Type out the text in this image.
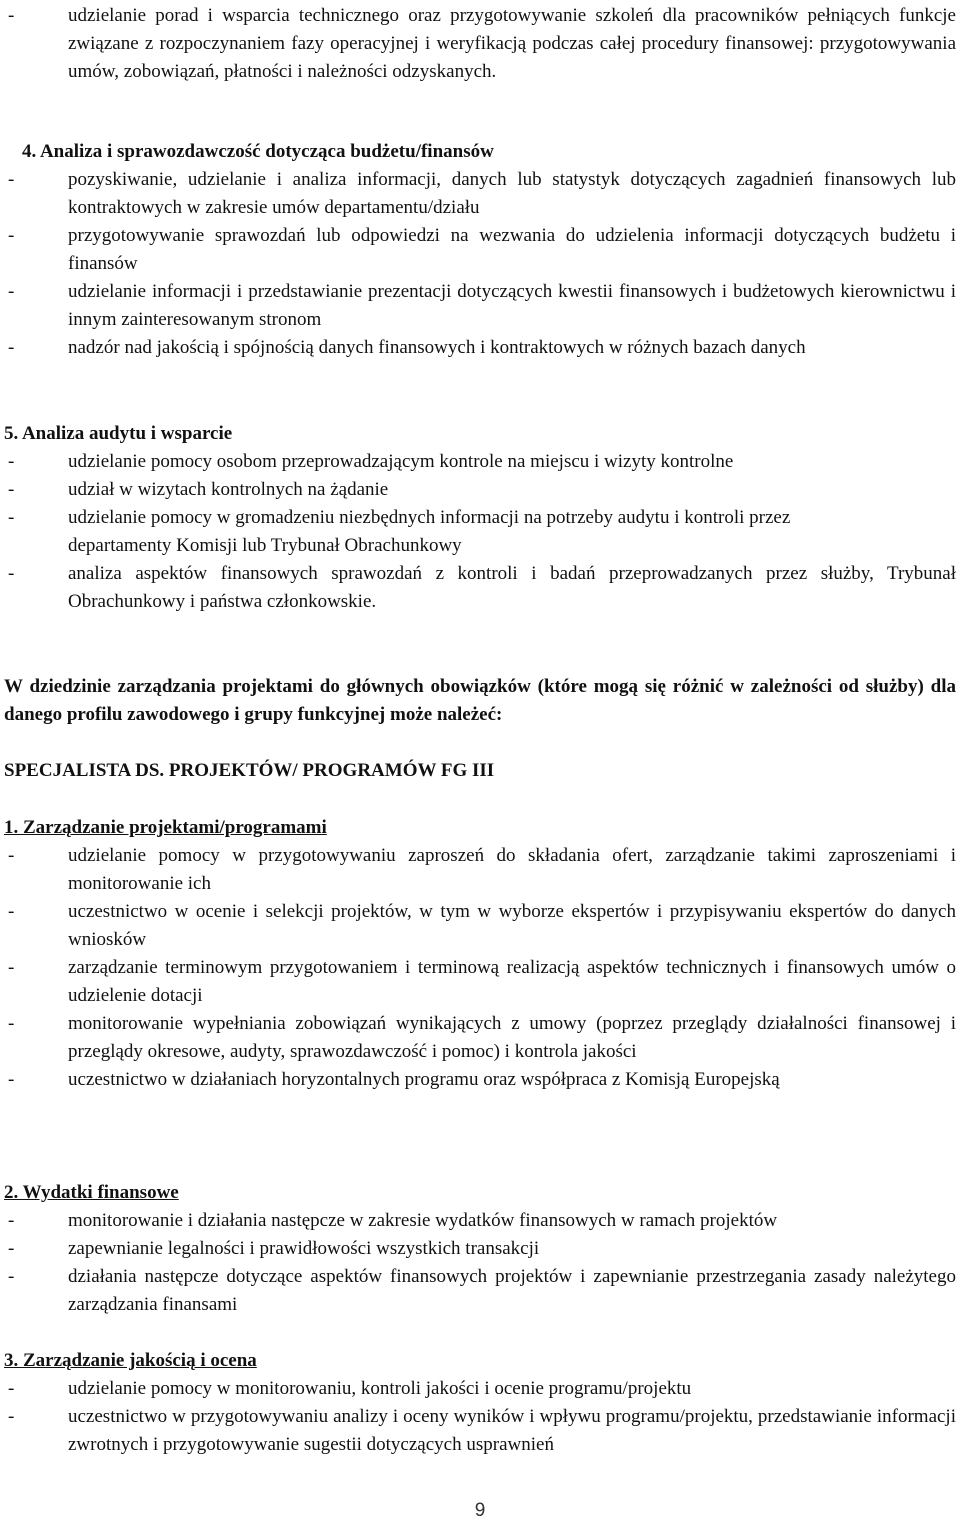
- udzielanie porad i wsparcia technicznego oraz przygotowywanie szkoleń dla pracowników pełniących funkcje związane z rozpoczynaniem fazy operacyjnej i weryfikacją podczas całej procedury finansowej: przygotowywania umów, zobowiązań, płatności i należności odzyskanych.
4. Analiza i sprawozdawczość dotycząca budżetu/finansów
- pozyskiwanie, udzielanie i analiza informacji, danych lub statystyk dotyczących zagadnień finansowych lub kontraktowych w zakresie umów departamentu/działu
- przygotowywanie sprawozdań lub odpowiedzi na wezwania do udzielenia informacji dotyczących budżetu i finansów
- udzielanie informacji i przedstawianie prezentacji dotyczących kwestii finansowych i budżetowych kierownictwu i innym zainteresowanym stronom
- nadzór nad jakością i spójnością danych finansowych i kontraktowych w różnych bazach danych
5. Analiza audytu i wsparcie
- udzielanie pomocy osobom przeprowadzającym kontrole na miejscu i wizyty kontrolne
- udział w wizytach kontrolnych na żądanie
- udzielanie pomocy w gromadzeniu niezbędnych informacji na potrzeby audytu i kontroli przez
departamenty Komisji lub Trybunał Obrachunkowy
- analiza aspektów finansowych sprawozdań z kontroli i badań przeprowadzanych przez służby, Trybunał Obrachunkowy i państwa członkowskie.
W dziedzinie zarządzania projektami do głównych obowiązków (które mogą się różnić w zależności od służby) dla danego profilu zawodowego i grupy funkcyjnej może należeć:
SPECJALISTA DS. PROJEKTÓW/ PROGRAMÓW FG III
1. Zarządzanie projektami/programami
- udzielanie pomocy w przygotowywaniu zaproszeń do składania ofert, zarządzanie takimi zaproszeniami i monitorowanie ich
- uczestnictwo w ocenie i selekcji projektów, w tym w wyborze ekspertów i przypisywaniu ekspertów do danych wniosków
- zarządzanie terminowym przygotowaniem i terminową realizacją aspektów technicznych i finansowych umów o udzielenie dotacji
- monitorowanie wypełniania zobowiązań wynikających z umowy (poprzez przeglądy działalności finansowej i przeglądy okresowe, audyty, sprawozdawczość i pomoc) i kontrola jakości
- uczestnictwo w działaniach horyzontalnych programu oraz współpraca z Komisją Europejską
2. Wydatki finansowe
- monitorowanie i działania następcze w zakresie wydatków finansowych w ramach projektów
- zapewnianie legalności i prawidłowości wszystkich transakcji
- działania następcze dotyczące aspektów finansowych projektów i zapewnianie przestrzegania zasady należytego zarządzania finansami
3. Zarządzanie jakością i ocena
- udzielanie pomocy w monitorowaniu, kontroli jakości i ocenie programu/projektu
- uczestnictwo w przygotowywaniu analizy i oceny wyników i wpływu programu/projektu, przedstawianie informacji zwrotnych i przygotowywanie sugestii dotyczących usprawnień
9
